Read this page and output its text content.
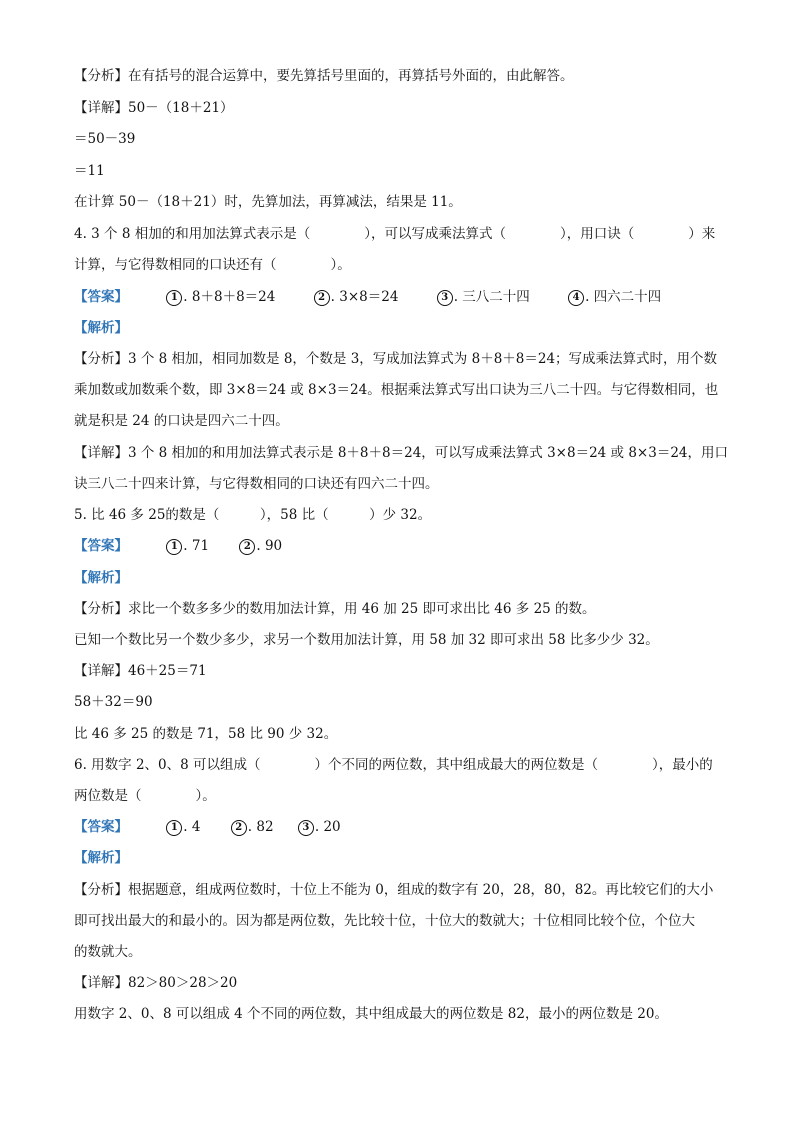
【分析】在有括号的混合运算中，要先算括号里面的，再算括号外面的，由此解答。
【详解】50－（18＋21）
＝50－39
＝11
在计算 50－（18＋21）时，先算加法，再算减法，结果是 11。
4. 3 个 8 相加的和用加法算式表示是（　　　　），可以写成乘法算式（　　　　），用口诀（　　　　）来
计算，与它得数相同的口诀还有（　　　　）。
【答案】	1 . 8＋8＋8＝24	2 . 3×8＝24	3 . 三八二十四	4 . 四六二十四
【解析】
【分析】3 个 8 相加，相同加数是 8，个数是 3，写成加法算式为 8＋8＋8＝24；写成乘法算式时，用个数
乘加数或加数乘个数，即 3×8＝24 或 8×3＝24。根据乘法算式写出口诀为三八二十四。与它得数相同，也
就是积是 24 的口诀是四六二十四。
【详解】3 个 8 相加的和用加法算式表示是 8＋8＋8＝24，可以写成乘法算式 3×8＝24 或 8×3＝24，用口
诀三八二十四来计算，与它得数相同的口诀还有四六二十四。
5. 比 46 多 25的数是（　　　），58 比（　　　）少 32。
【答案】	1 . 71	2 . 90
【解析】
【分析】求比一个数多多少的数用加法计算，用 46 加 25 即可求出比 46 多 25 的数。
已知一个数比另一个数少多少，求另一个数用加法计算，用 58 加 32 即可求出 58 比多少少 32。
【详解】46＋25＝71
58＋32＝90
比 46 多 25 的数是 71，58 比 90 少 32。
6. 用数字 2、0、8 可以组成（　　　　）个不同的两位数，其中组成最大的两位数是（　　　　），最小的
两位数是（　　　　）。
【答案】	1 . 4	2 . 82	3 . 20
【解析】
【分析】根据题意，组成两位数时，十位上不能为 0，组成的数字有 20，28，80，82。再比较它们的大小
即可找出最大的和最小的。因为都是两位数，先比较十位，十位大的数就大；十位相同比较个位，个位大
的数就大。
【详解】82＞80＞28＞20
用数字 2、0、8 可以组成 4 个不同的两位数，其中组成最大的两位数是 82，最小的两位数是 20。
